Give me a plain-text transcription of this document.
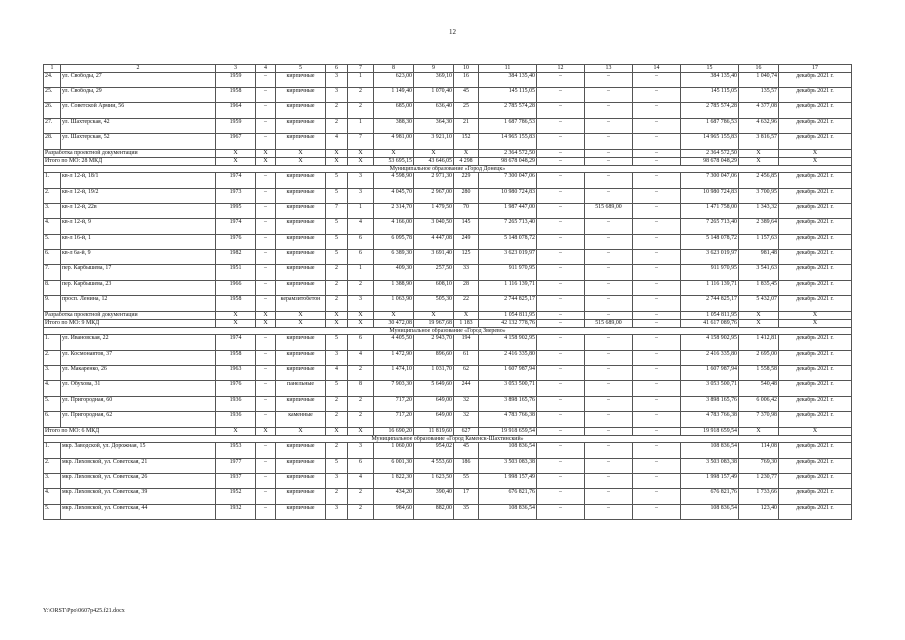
12
1	2	3	4	5	6	7	8	9	10	11	12	13	14	15	16	17
24.	ул. Свободы, 27	1959	–	кирпичные	3	1	623,00	369,10	16	384 135,40	–	–	–	384 135,40	1 040,74	декабрь 2021 г.
25.	ул. Свободы, 29	1958	–	кирпичные	3	2	1 149,40	1 070,40	45	145 115,05	–	–	–	145 115,05	135,57	декабрь 2021 г.
26.	ул. Советской Армии, 56	1964	–	кирпичные	2	2	685,00	636,40	25	2 785 574,28	–	–	–	2 785 574,28	4 377,08	декабрь 2021 г.
27.	ул. Шахтерская, 42	1959	–	кирпичные	2	1	388,30	364,30	21	1 687 786,53	–	–	–	1 687 786,53	4 632,96	декабрь 2021 г.
28.	ул. Шахтерская, 52	1967	–	кирпичные	4	7	4 981,00	3 921,10	152	14 965 155,83	–	–	–	14 965 155,83	3 816,57	декабрь 2021 г.
Разработка проектной документации		X	X	X	X	X	X	X	X	2 364 572,50	–	–	–	2 364 572,50	X	X
Итого по МО: 28 МКД		X	X	X	X	X	53 695,15	43 646,05	4 298	98 678 048,29	–	–	–	98 678 048,29	X	X
Муниципальное образование «Город Донецк»																
1.	кв-л 12-й, 18/1	1974	–	кирпичные	5	3	4 598,90	2 971,30	229	7 300 047,06	–	–	–	7 300 047,06	2 456,85	декабрь 2021 г.
2.	кв-л 12-й, 19/2	1973	–	кирпичные	5	3	4 045,70	2 967,00	280	10 980 724,83	–	–	–	10 980 724,83	3 700,95	декабрь 2021 г.
3.	кв-л 12-й, 22в	1995	–	кирпичные	7	1	2 314,70	1 479,50	70	1 987 447,00	–	515 689,00	–	1 471 758,00	1 343,32	декабрь 2021 г.
4.	кв-л 12-й, 9	1974	–	кирпичные	5	4	4 166,00	3 040,50	145	7 265 713,40	–	–	–	7 265 713,40	2 389,64	декабрь 2021 г.
5.	кв-л 16-й, 1	1976	–	кирпичные	5	6	6 095,78	4 447,08	249	5 148 078,72	–	–	–	5 148 078,72	1 157,63	декабрь 2021 г.
6.	кв-л 6а-й, 9	1982	–	кирпичные	5	6	6 389,30	3 691,40	125	3 623 019,97	–	–	–	3 623 019,97	981,48	декабрь 2021 г.
7.	пер. Карбышева, 17	1951	–	кирпичные	2	1	409,30	257,50	33	911 970,95	–	–	–	911 970,95	3 541,63	декабрь 2021 г.
8.	пер. Карбышева, 23	1966	–	кирпичные	2	2	1 388,90	608,10	28	1 116 139,71	–	–	–	1 116 139,71	1 835,45	декабрь 2021 г.
9.	просп. Ленина, 12	1958	–	керамзитобетон	2	3	1 063,90	505,30	22	2 744 825,17	–	–	–	2 744 825,17	5 432,07	декабрь 2021 г.
Разработка проектной документации		X	X	X	X	X	X	X	X	1 054 811,95	–	–	–	1 054 811,95	X	X
Итого по МО: 9 МКД		X	X	X	X	X	30 472,08	19 967,68	1 183	42 132 778,76	–	515 689,00	–	41 617 089,76	X	X
Муниципальное образование «Город Зверево»																
1.	ул. Ивановская, 22	1974	–	кирпичные	5	6	4 405,50	2 943,70	194	4 158 902,95	–	–	–	4 158 902,95	1 412,81	декабрь 2021 г.
2.	ул. Космонавтов, 37	1958	–	кирпичные	3	4	1 472,90	896,60	61	2 416 335,80	–	–	–	2 416 335,80	2 695,00	декабрь 2021 г.
3.	ул. Макаренко, 26	1963	–	кирпичные	4	2	1 474,10	1 031,70	62	1 607 987,94	–	–	–	1 607 987,94	1 558,58	декабрь 2021 г.
4.	ул. Обухова, 31	1976	–	панельные	5	8	7 903,30	5 649,60	244	3 053 500,71	–	–	–	3 053 500,71	540,48	декабрь 2021 г.
5.	ул. Пригородная, 60	1936	–	кирпичные	2	2	717,20	649,00	32	3 898 165,76	–	–	–	3 898 165,76	6 006,42	декабрь 2021 г.
6.	ул. Пригородная, 62	1936	–	каменные	2	2	717,20	649,00	32	4 783 766,38	–	–	–	4 783 766,38	7 370,98	декабрь 2021 г.
Итого по МО: 6 МКД		X	X	X	X	X	16 690,20	11 819,60	627	19 918 659,54	–	–	–	19 918 659,54	X	X
Муниципальное образование «Город Каменск-Шахтинский»																
1.	мкр. Заводской, ул. Дорожная, 15	1953	–	кирпичные	2	3	1 060,00	954,02	45	108 836,54	–	–	–	108 836,54	114,08	декабрь 2021 г.
2.	мкр. Лиховской, ул. Советская, 21	1977	–	кирпичные	5	6	6 001,30	4 553,60	186	3 503 083,38	–	–	–	3 503 083,38	769,30	декабрь 2021 г.
3.	мкр. Лиховской, ул. Советская, 26	1937	–	кирпичные	3	4	1 822,30	1 623,50	55	1 998 157,49	–	–	–	1 998 157,49	1 230,77	декабрь 2021 г.
4.	мкр. Лиховской, ул. Советская, 39	1952	–	кирпичные	2	2	434,20	390,40	17	676 821,76	–	–	–	676 821,76	1 733,66	декабрь 2021 г.
5.	мкр. Лиховской, ул. Советская, 44	1932	–	кирпичные	3	2	984,60	882,00	35	108 836,54	–	–	–	108 836,54	123,40	декабрь 2021 г.
Y:\ORST\Ppo\0607p425.f21.docx
